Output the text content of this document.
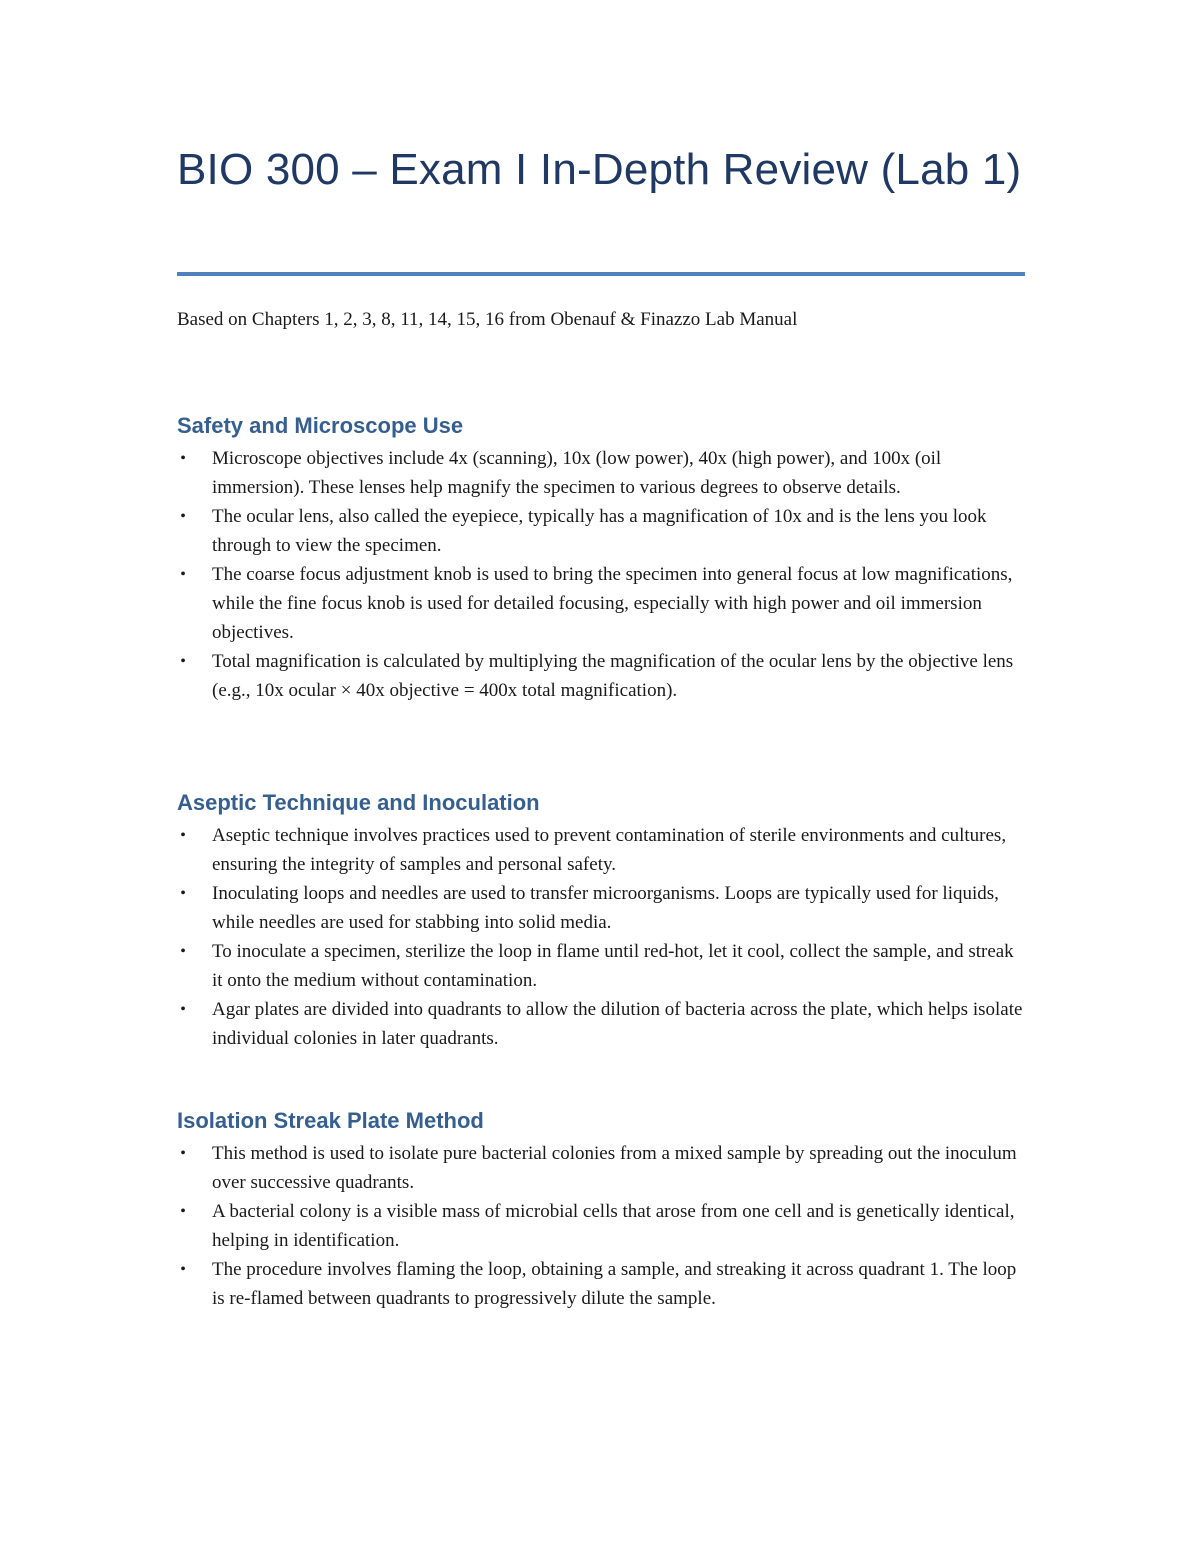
BIO 300 – Exam I In-Depth Review (Lab 1)
Based on Chapters 1, 2, 3, 8, 11, 14, 15, 16 from Obenauf & Finazzo Lab Manual
Safety and Microscope Use
• Microscope objectives include 4x (scanning), 10x (low power), 40x (high power), and 100x (oil immersion). These lenses help magnify the specimen to various degrees to observe details.
• The ocular lens, also called the eyepiece, typically has a magnification of 10x and is the lens you look through to view the specimen.
• The coarse focus adjustment knob is used to bring the specimen into general focus at low magnifications, while the fine focus knob is used for detailed focusing, especially with high power and oil immersion objectives.
• Total magnification is calculated by multiplying the magnification of the ocular lens by the objective lens (e.g., 10x ocular × 40x objective = 400x total magnification).
Aseptic Technique and Inoculation
• Aseptic technique involves practices used to prevent contamination of sterile environments and cultures, ensuring the integrity of samples and personal safety.
• Inoculating loops and needles are used to transfer microorganisms. Loops are typically used for liquids, while needles are used for stabbing into solid media.
• To inoculate a specimen, sterilize the loop in flame until red-hot, let it cool, collect the sample, and streak it onto the medium without contamination.
• Agar plates are divided into quadrants to allow the dilution of bacteria across the plate, which helps isolate individual colonies in later quadrants.
Isolation Streak Plate Method
• This method is used to isolate pure bacterial colonies from a mixed sample by spreading out the inoculum over successive quadrants.
• A bacterial colony is a visible mass of microbial cells that arose from one cell and is genetically identical, helping in identification.
• The procedure involves flaming the loop, obtaining a sample, and streaking it across quadrant 1. The loop is re-flamed between quadrants to progressively dilute the sample.
